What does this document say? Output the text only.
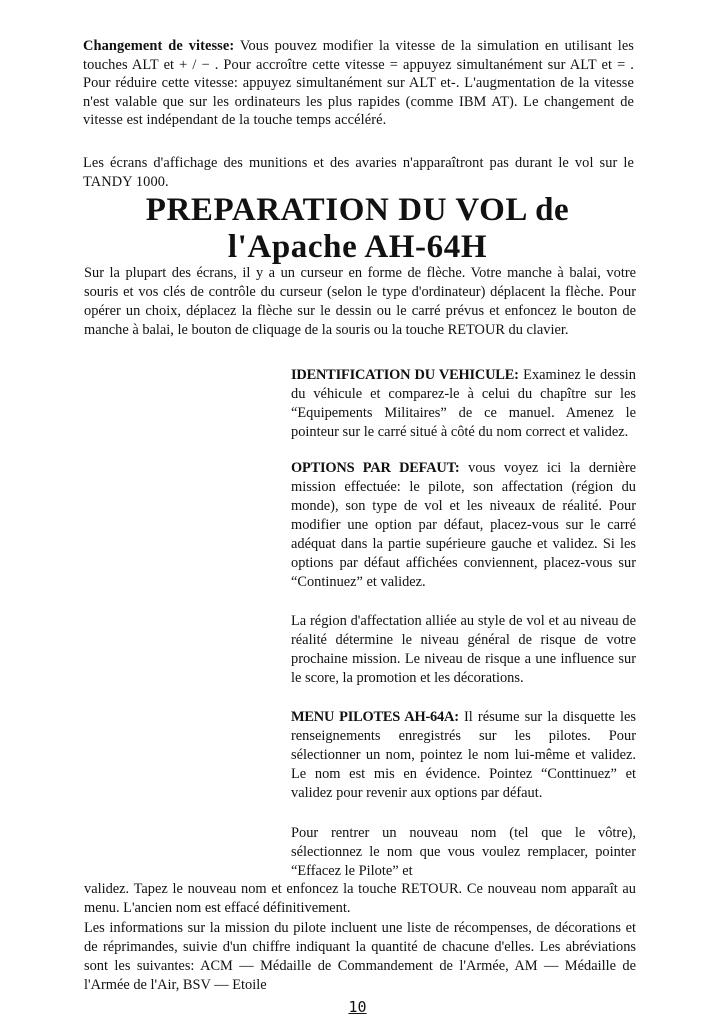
Changement de vitesse: Vous pouvez modifier la vitesse de la simulation en utilisant les touches ALT et + / − . Pour accroître cette vitesse = appuyez simultanément sur ALT et = . Pour réduire cette vitesse: appuyez simultanément sur ALT et-. L'augmentation de la vitesse n'est valable que sur les ordinateurs les plus rapides (comme IBM AT). Le changement de vitesse est indépendant de la touche temps accéléré.

Les écrans d'affichage des munitions et des avaries n'apparaîtront pas durant le vol sur le TANDY 1000.

PREPARATION DU VOL de
l'Apache AH-64H

Sur la plupart des écrans, il y a un curseur en forme de flèche. Votre manche à balai, votre souris et vos clés de contrôle du curseur (selon le type d'ordinateur) déplacent la flèche. Pour opérer un choix, déplacez la flèche sur le dessin ou le carré prévus et enfoncez le bouton de manche à balai, le bouton de cliquage de la souris ou la touche RETOUR du clavier.

IDENTIFICATION DU VEHICULE: Examinez le dessin du véhicule et comparez-le à celui du chapître sur les “Equipements Militaires” de ce manuel. Amenez le pointeur sur le carré situé à côté du nom correct et validez.

OPTIONS PAR DEFAUT: vous voyez ici la dernière mission effectuée: le pilote, son affectation (région du monde), son type de vol et les niveaux de réalité. Pour modifier une option par défaut, placez-vous sur le carré adéquat dans la partie supérieure gauche et validez. Si les options par défaut affichées conviennent, placez-vous sur “Continuez” et validez.

La région d'affectation alliée au style de vol et au niveau de réalité détermine le niveau général de risque de votre prochaine mission. Le niveau de risque a une influence sur le score, la promotion et les décorations.

MENU PILOTES AH-64A: Il résume sur la disquette les renseignements enregistrés sur les pilotes. Pour sélectionner un nom, pointez le nom lui-même et validez. Le nom est mis en évidence. Pointez “Conttinuez” et validez pour revenir aux options par défaut.

Pour rentrer un nouveau nom (tel que le vôtre), sélectionnez le nom que vous voulez remplacer, pointer “Effacez le Pilote” et

validez. Tapez le nouveau nom et enfoncez la touche RETOUR. Ce nouveau nom apparaît au menu. L'ancien nom est effacé définitivement.

Les informations sur la mission du pilote incluent une liste de récompenses, de décorations et de réprimandes, suivie d'un chiffre indiquant la quantité de chacune d'elles. Les abréviations sont les suivantes: ACM — Médaille de Commandement de l'Armée, AM — Médaille de l'Armée de l'Air, BSV — Etoile

10
